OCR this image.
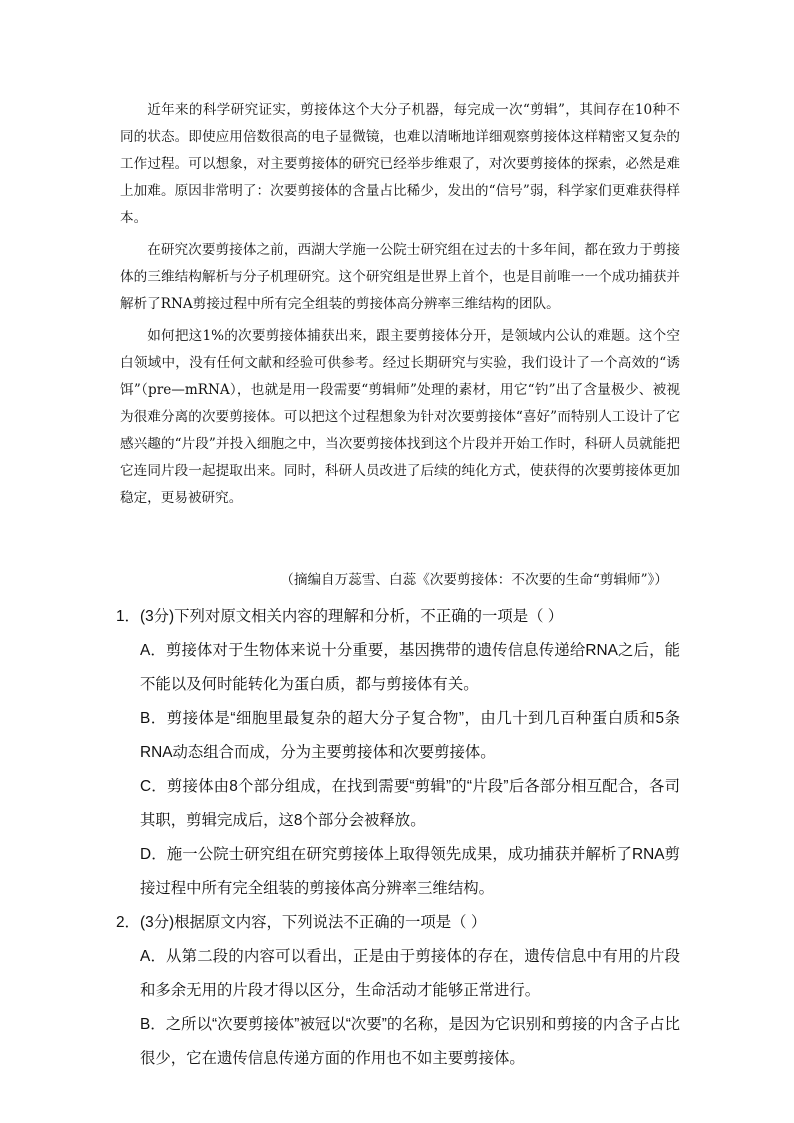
近年来的科学研究证实，剪接体这个大分子机器，每完成一次“剪辑”，其间存在10种不同的状态。即使应用倍数很高的电子显微镜，也难以清晰地详细观察剪接体这样精密又复杂的工作过程。可以想象，对主要剪接体的研究已经举步维艰了，对次要剪接体的探索，必然是难上加难。原因非常明了：次要剪接体的含量占比稀少，发出的“信号”弱，科学家们更难获得样本。

在研究次要剪接体之前，西湖大学施一公院士研究组在过去的十多年间，都在致力于剪接体的三维结构解析与分子机理研究。这个研究组是世界上首个，也是目前唯一一个成功捕获并解析了RNA剪接过程中所有完全组装的剪接体高分辨率三维结构的团队。

如何把这1%的次要剪接体捕获出来，跟主要剪接体分开，是领域内公认的难题。这个空白领域中，没有任何文献和经验可供参考。经过长期研究与实验，我们设计了一个高效的“诱饵”（pre—mRNA），也就是用一段需要“剪辑师”处理的素材，用它“钓”出了含量极少、被视为很难分离的次要剪接体。可以把这个过程想象为针对次要剪接体“喜好”而特别人工设计了它感兴趣的“片段”并投入细胞之中，当次要剪接体找到这个片段并开始工作时，科研人员就能把它连同片段一起提取出来。同时，科研人员改进了后续的纯化方式，使获得的次要剪接体更加稳定，更易被研究。

（摘编自万蕊雪、白蕊《次要剪接体：不次要的生命“剪辑师”》）

1．(3分)下列对原文相关内容的理解和分析，不正确的一项是（ ）

A．剪接体对于生物体来说十分重要，基因携带的遗传信息传递给RNA之后，能不能以及何时能转化为蛋白质，都与剪接体有关。

B．剪接体是“细胞里最复杂的超大分子复合物”，由几十到几百种蛋白质和5条RNA动态组合而成，分为主要剪接体和次要剪接体。

C．剪接体由8个部分组成，在找到需要“剪辑”的“片段”后各部分相互配合，各司其职，剪辑完成后，这8个部分会被释放。

D．施一公院士研究组在研究剪接体上取得领先成果，成功捕获并解析了RNA剪接过程中所有完全组装的剪接体高分辨率三维结构。

2．(3分)根据原文内容，下列说法不正确的一项是（ ）

A．从第二段的内容可以看出，正是由于剪接体的存在，遗传信息中有用的片段和多余无用的片段才得以区分，生命活动才能够正常进行。

B．之所以“次要剪接体”被冠以“次要”的名称，是因为它识别和剪接的内含子占比很少，它在遗传信息传递方面的作用也不如主要剪接体。
